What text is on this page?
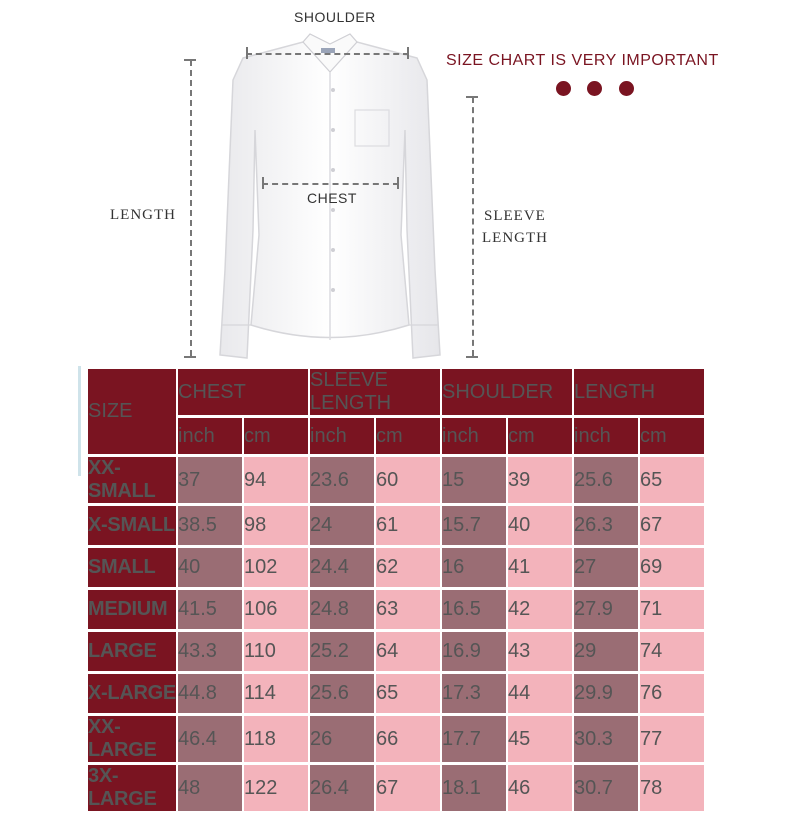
SHOULDER
CHEST
LENGTH	SLEEVE
LENGTH
SIZE CHART IS VERY IMPORTANT
SIZE	CHEST		SLEEVE LENGTH		SHOULDER		LENGTH	
	inch	cm	inch	cm	inch	cm	inch	cm
XX-SMALL	37	94	23.6	60	15	39	25.6	65
X-SMALL	38.5	98	24	61	15.7	40	26.3	67
SMALL	40	102	24.4	62	16	41	27	69
MEDIUM	41.5	106	24.8	63	16.5	42	27.9	71
LARGE	43.3	110	25.2	64	16.9	43	29	74
X-LARGE	44.8	114	25.6	65	17.3	44	29.9	76
XX-LARGE	46.4	118	26	66	17.7	45	30.3	77
3X-LARGE	48	122	26.4	67	18.1	46	30.7	78
